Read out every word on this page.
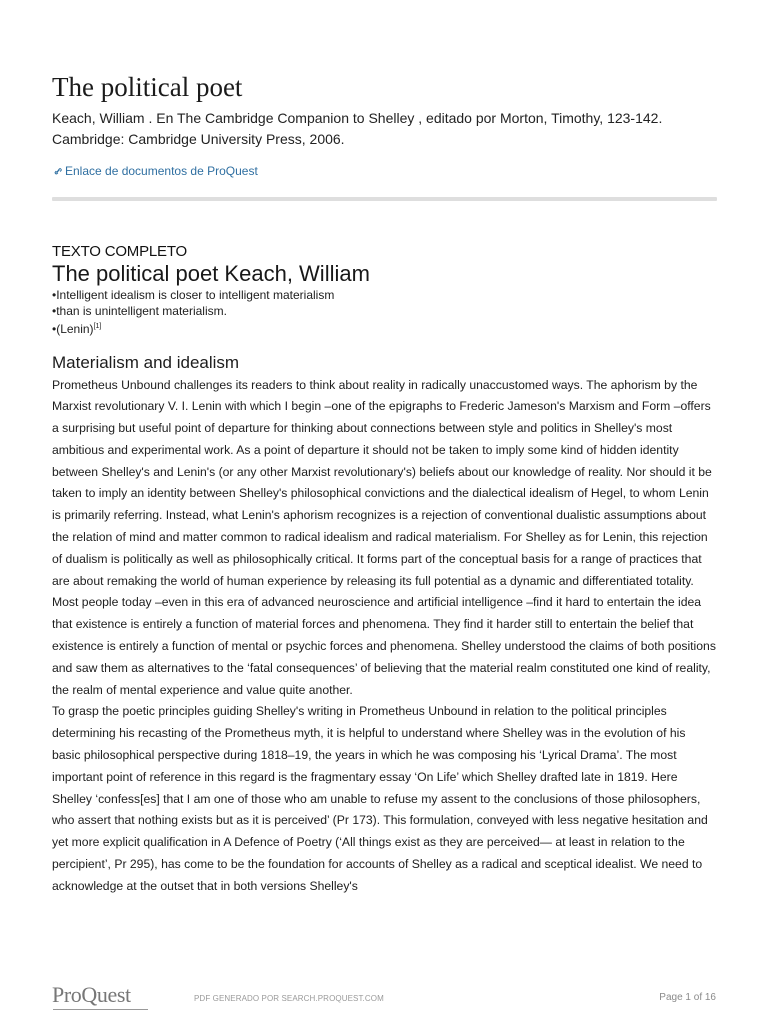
The political poet
Keach, William . En The Cambridge Companion to Shelley , editado por Morton, Timothy, 123-142.
Cambridge: Cambridge University Press, 2006.
Enlace de documentos de ProQuest
TEXTO COMPLETO
The political poet Keach, William

•Intelligent idealism is closer to intelligent materialism

•than is unintelligent materialism.

•(Lenin)[1]

Materialism and idealism

Prometheus Unbound challenges its readers to think about reality in radically unaccustomed ways. The aphorism by the Marxist revolutionary V. I. Lenin with which I begin –one of the epigraphs to Frederic Jameson's Marxism and Form –offers a surprising but useful point of departure for thinking about connections between style and politics in Shelley's most ambitious and experimental work. As a point of departure it should not be taken to imply some kind of hidden identity between Shelley's and Lenin's (or any other Marxist revolutionary's) beliefs about our knowledge of reality. Nor should it be taken to imply an identity between Shelley's philosophical convictions and the dialectical idealism of Hegel, to whom Lenin is primarily referring. Instead, what Lenin's aphorism recognizes is a rejection of conventional dualistic assumptions about the relation of mind and matter common to radical idealism and radical materialism. For Shelley as for Lenin, this rejection of dualism is politically as well as philosophically critical. It forms part of the conceptual basis for a range of practices that are about remaking the world of human experience by releasing its full potential as a dynamic and differentiated totality.

Most people today –even in this era of advanced neuroscience and artificial intelligence –find it hard to entertain the idea that existence is entirely a function of material forces and phenomena. They find it harder still to entertain the belief that existence is entirely a function of mental or psychic forces and phenomena. Shelley understood the claims of both positions and saw them as alternatives to the ‘fatal consequences’ of believing that the material realm constituted one kind of reality, the realm of mental experience and value quite another.

To grasp the poetic principles guiding Shelley's writing in Prometheus Unbound in relation to the political principles determining his recasting of the Prometheus myth, it is helpful to understand where Shelley was in the evolution of his basic philosophical perspective during 1818–19, the years in which he was composing his ‘Lyrical Drama’. The most important point of reference in this regard is the fragmentary essay ‘On Life’ which Shelley drafted late in 1819. Here Shelley ‘confess[es] that I am one of those who am unable to refuse my assent to the conclusions of those philosophers, who assert that nothing exists but as it is perceived’ (Pr 173). This formulation, conveyed with less negative hesitation and yet more explicit qualification in A Defence of Poetry (‘All things exist as they are perceived— at least in relation to the percipient’, Pr 295), has come to be the foundation for accounts of Shelley as a radical and sceptical idealist. We need to acknowledge at the outset that in both versions Shelley's

ProQuest	PDF GENERADO POR SEARCH.PROQUEST.COM	Page 1 of 16
